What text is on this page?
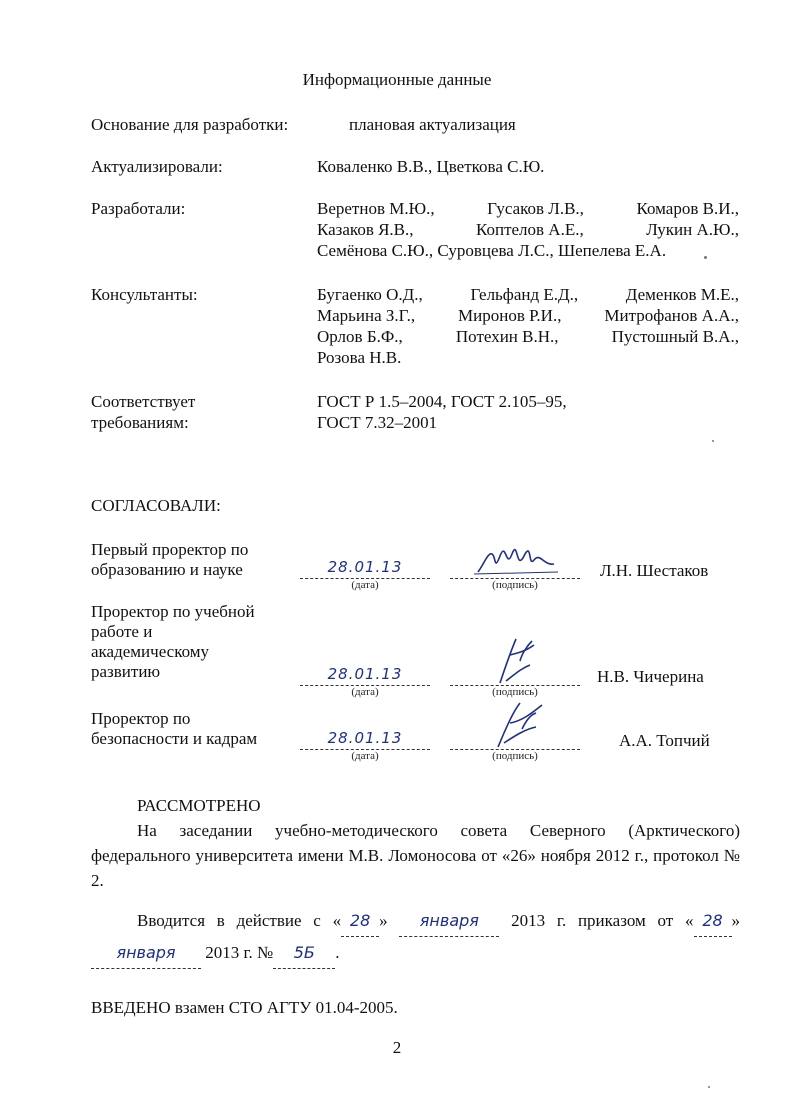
Информационные данные
Основание для разработки:	плановая актуализация
Актуализировали:	Коваленко В.В., Цветкова С.Ю.
Разработали:	Веретнов М.Ю.,	Гусаков Л.В.,	Комаров В.И.,
Казаков Я.В.,	Коптелов А.Е.,	Лукин А.Ю.,
Семёнова С.Ю., Суровцева Л.С., Шепелева Е.А.
Консультанты:	Бугаенко О.Д.,	Гельфанд Е.Д.,	Деменков М.Е.,
Марьина З.Г.,	Миронов Р.И.,	Митрофанов А.А.,
Орлов Б.Ф.,	Потехин В.Н.,	Пустошный В.А.,
Розова Н.В.
Соответствует
требованиям:
ГОСТ Р 1.5–2004, ГОСТ 2.105–95,
ГОСТ 7.32–2001
СОГЛАСОВАЛИ:
Первый проректор по
образованию и науке	28.01.13
(дата)	(подпись)
Л.Н. Шестаков
Проректор по учебной
работе и
академическому
развитию	28.01.13
(дата)	(подпись)
Н.В. Чичерина
Проректор по
безопасности и кадрам	28.01.13
(дата)	(подпись)
А.А. Топчий
РАССМОТРЕНО
На заседании учебно-методического совета Северного (Арктического) федерального университета имени М.В. Ломоносова от «26» ноября 2012 г., протокол № 2.
Вводится в действие с « 28 » января 2013 г. приказом от « 28 » января 2013 г. № 5Б .
ВВЕДЕНО взамен СТО АГТУ 01.04-2005.
2
